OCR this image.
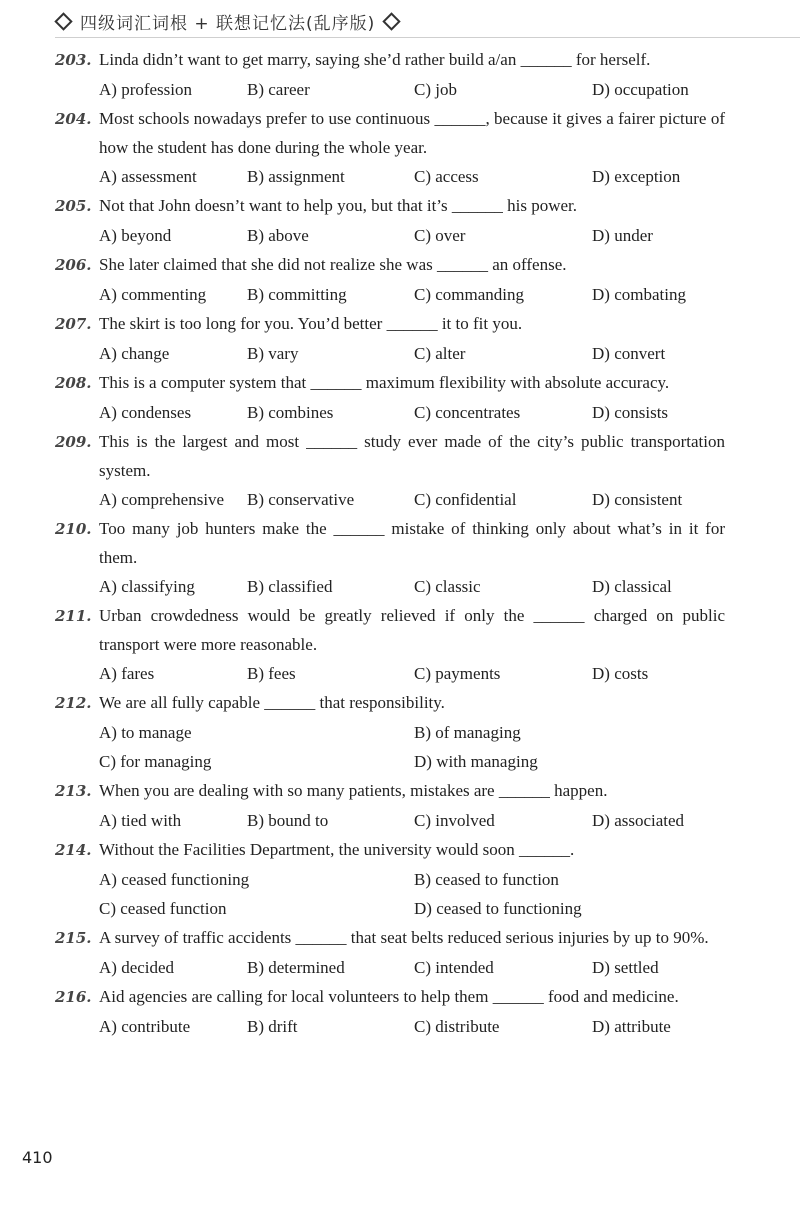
四级词汇词根 + 联想记忆法(乱序版)
203. Linda didn’t want to get marry, saying she’d rather build a/an ______ for herself.
A) profession	B) career	C) job	D) occupation
204. Most schools nowadays prefer to use continuous ______, because it gives a fairer picture of how the student has done during the whole year.
A) assessment	B) assignment	C) access	D) exception
205. Not that John doesn’t want to help you, but that it’s ______ his power.
A) beyond	B) above	C) over	D) under
206. She later claimed that she did not realize she was ______ an offense.
A) commenting	B) committing	C) commanding	D) combating
207. The skirt is too long for you. You’d better ______ it to fit you.
A) change	B) vary	C) alter	D) convert
208. This is a computer system that ______ maximum flexibility with absolute accuracy.
A) condenses	B) combines	C) concentrates	D) consists
209. This is the largest and most ______ study ever made of the city’s public transportation system.
A) comprehensive	B) conservative	C) confidential	D) consistent
210. Too many job hunters make the ______ mistake of thinking only about what’s in it for them.
A) classifying	B) classified	C) classic	D) classical
211. Urban crowdedness would be greatly relieved if only the ______ charged on public transport were more reasonable.
A) fares	B) fees	C) payments	D) costs
212. We are all fully capable ______ that responsibility.
A) to manage	B) of managing
C) for managing	D) with managing
213. When you are dealing with so many patients, mistakes are ______ happen.
A) tied with	B) bound to	C) involved	D) associated
214. Without the Facilities Department, the university would soon ______.
A) ceased functioning	B) ceased to function
C) ceased function	D) ceased to functioning
215. A survey of traffic accidents ______ that seat belts reduced serious injuries by up to 90%.
A) decided	B) determined	C) intended	D) settled
216. Aid agencies are calling for local volunteers to help them ______ food and medicine.
A) contribute	B) drift	C) distribute	D) attribute
410
